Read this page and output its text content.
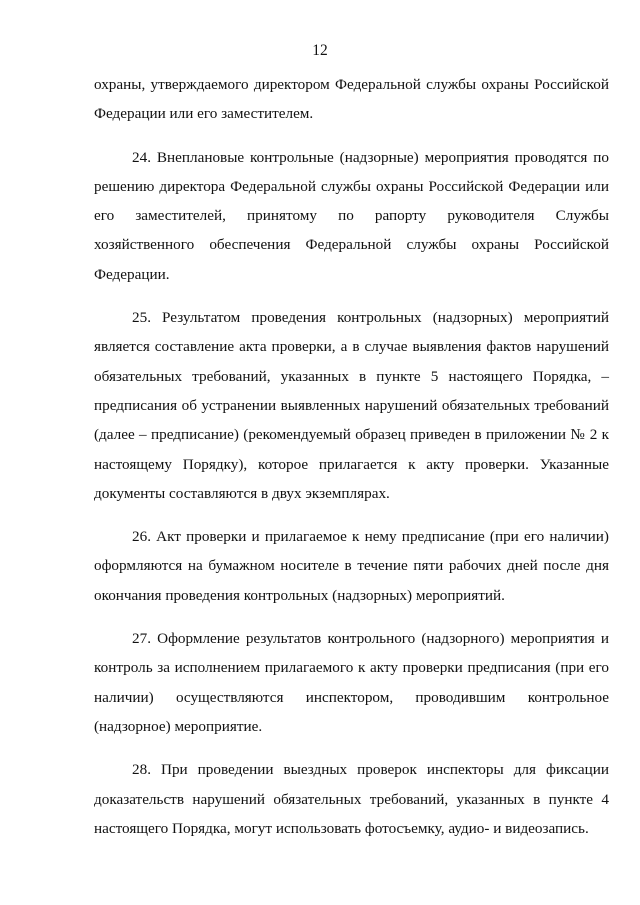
12

охраны, утверждаемого директором Федеральной службы охраны Российской Федерации или его заместителем.

24. Внеплановые контрольные (надзорные) мероприятия проводятся по решению директора Федеральной службы охраны Российской Федерации или его заместителей, принятому по рапорту руководителя Службы хозяйственного обеспечения Федеральной службы охраны Российской Федерации.

25. Результатом проведения контрольных (надзорных) мероприятий является составление акта проверки, а в случае выявления фактов нарушений обязательных требований, указанных в пункте 5 настоящего Порядка, – предписания об устранении выявленных нарушений обязательных требований (далее – предписание) (рекомендуемый образец приведен в приложении № 2 к настоящему Порядку), которое прилагается к акту проверки. Указанные документы составляются в двух экземплярах.

26. Акт проверки и прилагаемое к нему предписание (при его наличии) оформляются на бумажном носителе в течение пяти рабочих дней после дня окончания проведения контрольных (надзорных) мероприятий.

27. Оформление результатов контрольного (надзорного) мероприятия и контроль за исполнением прилагаемого к акту проверки предписания (при его наличии) осуществляются инспектором, проводившим контрольное (надзорное) мероприятие.

28. При проведении выездных проверок инспекторы для фиксации доказательств нарушений обязательных требований, указанных в пункте 4 настоящего Порядка, могут использовать фотосъемку, аудио- и видеозапись.
